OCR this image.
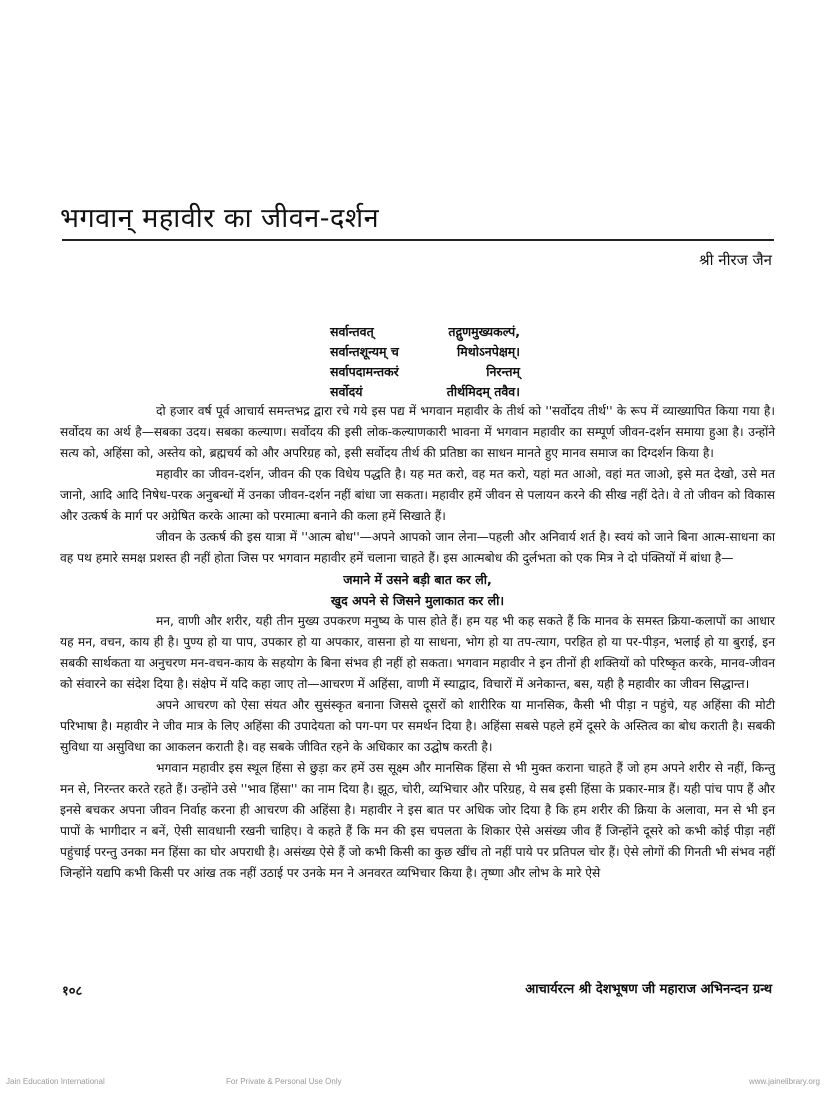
भगवान् महावीर का जीवन-दर्शन
श्री नीरज जैन
सर्वान्तवत्	तद्गुणमुख्यकल्पं,
सर्वान्तशून्यम् च	मिथोऽनपेक्षम्।
सर्वापदामन्तकरं	निरन्तम्
सर्वोदयं	तीर्थमिदम् तवैव।

दो हजार वर्ष पूर्व आचार्य समन्तभद्र द्वारा रचे गये इस पद्य में भगवान महावीर के तीर्थ को ''सर्वोदय तीर्थ'' के रूप में व्याख्यापित किया गया है। सर्वोदय का अर्थ है—सबका उदय। सबका कल्याण। सर्वोदय की इसी लोक-कल्याणकारी भावना में भगवान महावीर का सम्पूर्ण जीवन-दर्शन समाया हुआ है। उन्होंने सत्य को, अहिंसा को, अस्तेय को, ब्रह्मचर्य को और अपरिग्रह को, इसी सर्वोदय तीर्थ की प्रतिष्ठा का साधन मानते हुए मानव समाज का दिग्दर्शन किया है।

महावीर का जीवन-दर्शन, जीवन की एक विधेय पद्धति है। यह मत करो, वह मत करो, यहां मत आओ, वहां मत जाओ, इसे मत देखो, उसे मत जानो, आदि आदि निषेध-परक अनुबन्धों में उनका जीवन-दर्शन नहीं बांधा जा सकता। महावीर हमें जीवन से पलायन करने की सीख नहीं देते। वे तो जीवन को विकास और उत्कर्ष के मार्ग पर अग्रेषित करके आत्मा को परमात्मा बनाने की कला हमें सिखाते हैं।

जीवन के उत्कर्ष की इस यात्रा में ''आत्म बोध''—अपने आपको जान लेना—पहली और अनिवार्य शर्त है। स्वयं को जाने बिना आत्म-साधना का वह पथ हमारे समक्ष प्रशस्त ही नहीं होता जिस पर भगवान महावीर हमें चलाना चाहते हैं। इस आत्मबोध की दुर्लभता को एक मित्र ने दो पंक्तियों में बांधा है—

जमाने में उसने बड़ी बात कर ली,
खुद अपने से जिसने मुलाकात कर ली।

मन, वाणी और शरीर, यही तीन मुख्य उपकरण मनुष्य के पास होते हैं। हम यह भी कह सकते हैं कि मानव के समस्त क्रिया-कलापों का आधार यह मन, वचन, काय ही है। पुण्य हो या पाप, उपकार हो या अपकार, वासना हो या साधना, भोग हो या तप-त्याग, परहित हो या पर-पीड़न, भलाई हो या बुराई, इन सबकी सार्थकता या अनुचरण मन-वचन-काय के सहयोग के बिना संभव ही नहीं हो सकता। भगवान महावीर ने इन तीनों ही शक्तियों को परिष्कृत करके, मानव-जीवन को संवारने का संदेश दिया है। संक्षेप में यदि कहा जाए तो—आचरण में अहिंसा, वाणी में स्याद्वाद, विचारों में अनेकान्त, बस, यही है महावीर का जीवन सिद्धान्त।

अपने आचरण को ऐसा संयत और सुसंस्कृत बनाना जिससे दूसरों को शारीरिक या मानसिक, कैसी भी पीड़ा न पहुंचे, यह अहिंसा की मोटी परिभाषा है। महावीर ने जीव मात्र के लिए अहिंसा की उपादेयता को पग-पग पर समर्थन दिया है। अहिंसा सबसे पहले हमें दूसरे के अस्तित्व का बोध कराती है। सबकी सुविधा या असुविधा का आकलन कराती है। वह सबके जीवित रहने के अधिकार का उद्घोष करती है।

भगवान महावीर इस स्थूल हिंसा से छुड़ा कर हमें उस सूक्ष्म और मानसिक हिंसा से भी मुक्त कराना चाहते हैं जो हम अपने शरीर से नहीं, किन्तु मन से, निरन्तर करते रहते हैं। उन्होंने उसे ''भाव हिंसा'' का नाम दिया है। झूठ, चोरी, व्यभिचार और परिग्रह, ये सब इसी हिंसा के प्रकार-मात्र हैं। यही पांच पाप हैं और इनसे बचकर अपना जीवन निर्वाह करना ही आचरण की अहिंसा है। महावीर ने इस बात पर अधिक जोर दिया है कि हम शरीर की क्रिया के अलावा, मन से भी इन पापों के भागीदार न बनें, ऐसी सावधानी रखनी चाहिए। वे कहते हैं कि मन की इस चपलता के शिकार ऐसे असंख्य जीव हैं जिन्होंने दूसरे को कभी कोई पीड़ा नहीं पहुंचाई परन्तु उनका मन हिंसा का घोर अपराधी है। असंख्य ऐसे हैं जो कभी किसी का कुछ खींच तो नहीं पाये पर प्रतिपल चोर हैं। ऐसे लोगों की गिनती भी संभव नहीं जिन्होंने यद्यपि कभी किसी पर आंख तक नहीं उठाई पर उनके मन ने अनवरत व्यभिचार किया है। तृष्णा और लोभ के मारे ऐसे

१०८	आचार्यरत्न श्री देशभूषण जी महाराज अभिनन्दन ग्रन्थ
Jain Education International	For Private & Personal Use Only	www.jainelibrary.org
